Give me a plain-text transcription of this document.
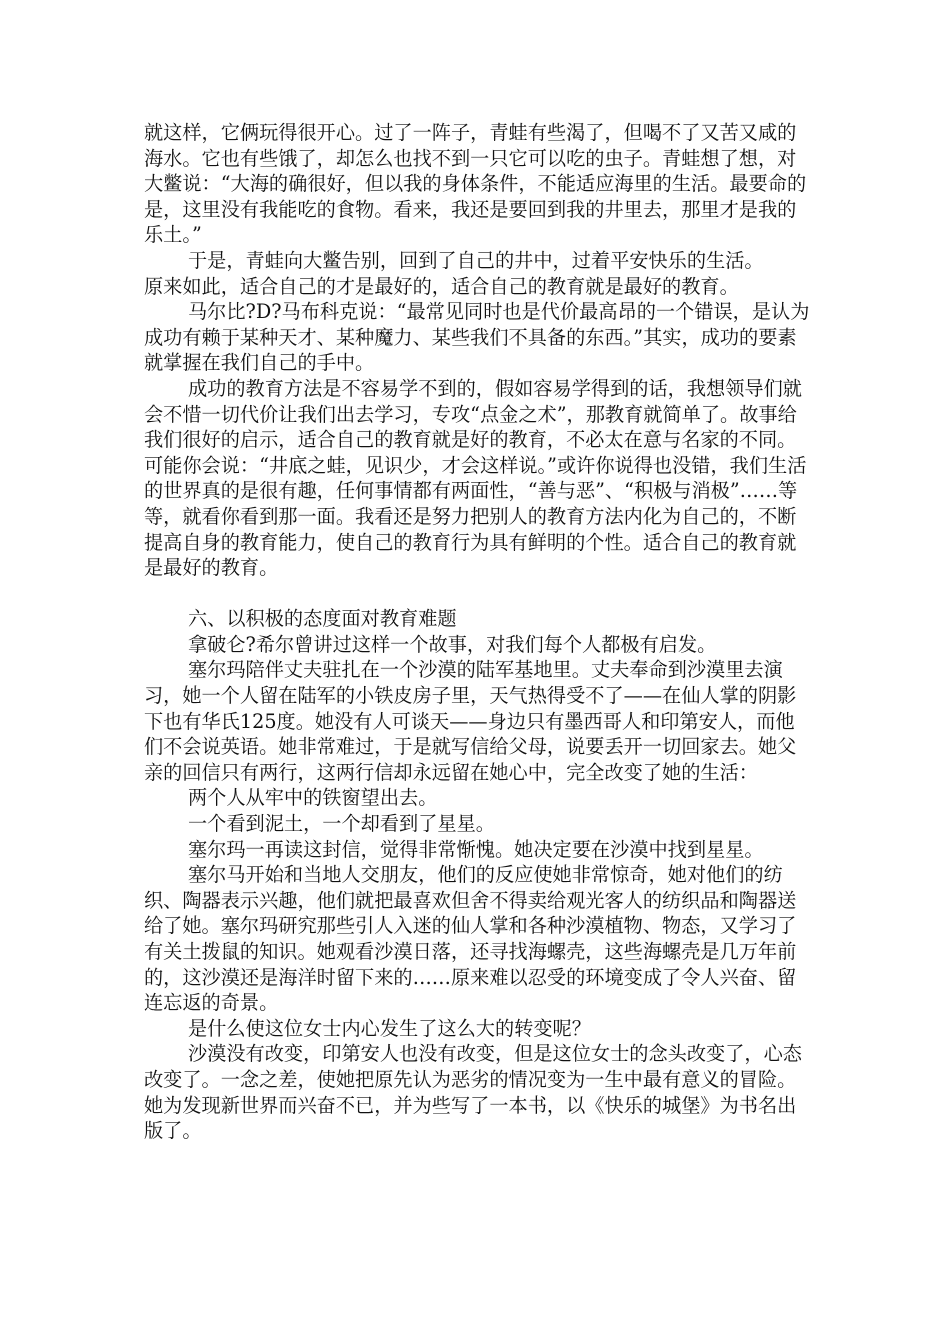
就这样，它俩玩得很开心。过了一阵子，青蛙有些渴了，但喝不了又苦又咸的海水。它也有些饿了，却怎么也找不到一只它可以吃的虫子。青蛙想了想，对大鳖说：“大海的确很好，但以我的身体条件，不能适应海里的生活。最要命的是，这里没有我能吃的食物。看来，我还是要回到我的井里去，那里才是我的乐土。”

于是，青蛙向大鳖告别，回到了自己的井中，过着平安快乐的生活。

原来如此，适合自己的才是最好的，适合自己的教育就是最好的教育。

马尔比?D?马布科克说：“最常见同时也是代价最高昂的一个错误，是认为成功有赖于某种天才、某种魔力、某些我们不具备的东西。”其实，成功的要素就掌握在我们自己的手中。

成功的教育方法是不容易学不到的，假如容易学得到的话，我想领导们就会不惜一切代价让我们出去学习，专攻“点金之术”，那教育就简单了。故事给我们很好的启示，适合自己的教育就是好的教育，不必太在意与名家的不同。可能你会说：“井底之蛙，见识少，才会这样说。”或许你说得也没错，我们生活的世界真的是很有趣，任何事情都有两面性，“善与恶”、“积极与消极”……等等，就看你看到那一面。我看还是努力把别人的教育方法内化为自己的，不断提高自身的教育能力，使自己的教育行为具有鲜明的个性。适合自己的教育就是最好的教育。

六、以积极的态度面对教育难题

拿破仑?希尔曾讲过这样一个故事，对我们每个人都极有启发。

塞尔玛陪伴丈夫驻扎在一个沙漠的陆军基地里。丈夫奉命到沙漠里去演习，她一个人留在陆军的小铁皮房子里，天气热得受不了——在仙人掌的阴影下也有华氏125度。她没有人可谈天——身边只有墨西哥人和印第安人，而他们不会说英语。她非常难过，于是就写信给父母，说要丢开一切回家去。她父亲的回信只有两行，这两行信却永远留在她心中，完全改变了她的生活：

两个人从牢中的铁窗望出去。

一个看到泥土，一个却看到了星星。

塞尔玛一再读这封信，觉得非常惭愧。她决定要在沙漠中找到星星。

塞尔马开始和当地人交朋友，他们的反应使她非常惊奇，她对他们的纺织、陶器表示兴趣，他们就把最喜欢但舍不得卖给观光客人的纺织品和陶器送给了她。塞尔玛研究那些引人入迷的仙人掌和各种沙漠植物、物态，又学习了有关土拨鼠的知识。她观看沙漠日落，还寻找海螺壳，这些海螺壳是几万年前的，这沙漠还是海洋时留下来的……原来难以忍受的环境变成了令人兴奋、留连忘返的奇景。

是什么使这位女士内心发生了这么大的转变呢？

沙漠没有改变，印第安人也没有改变，但是这位女士的念头改变了，心态改变了。一念之差，使她把原先认为恶劣的情况变为一生中最有意义的冒险。她为发现新世界而兴奋不已，并为些写了一本书，以《快乐的城堡》为书名出版了。
